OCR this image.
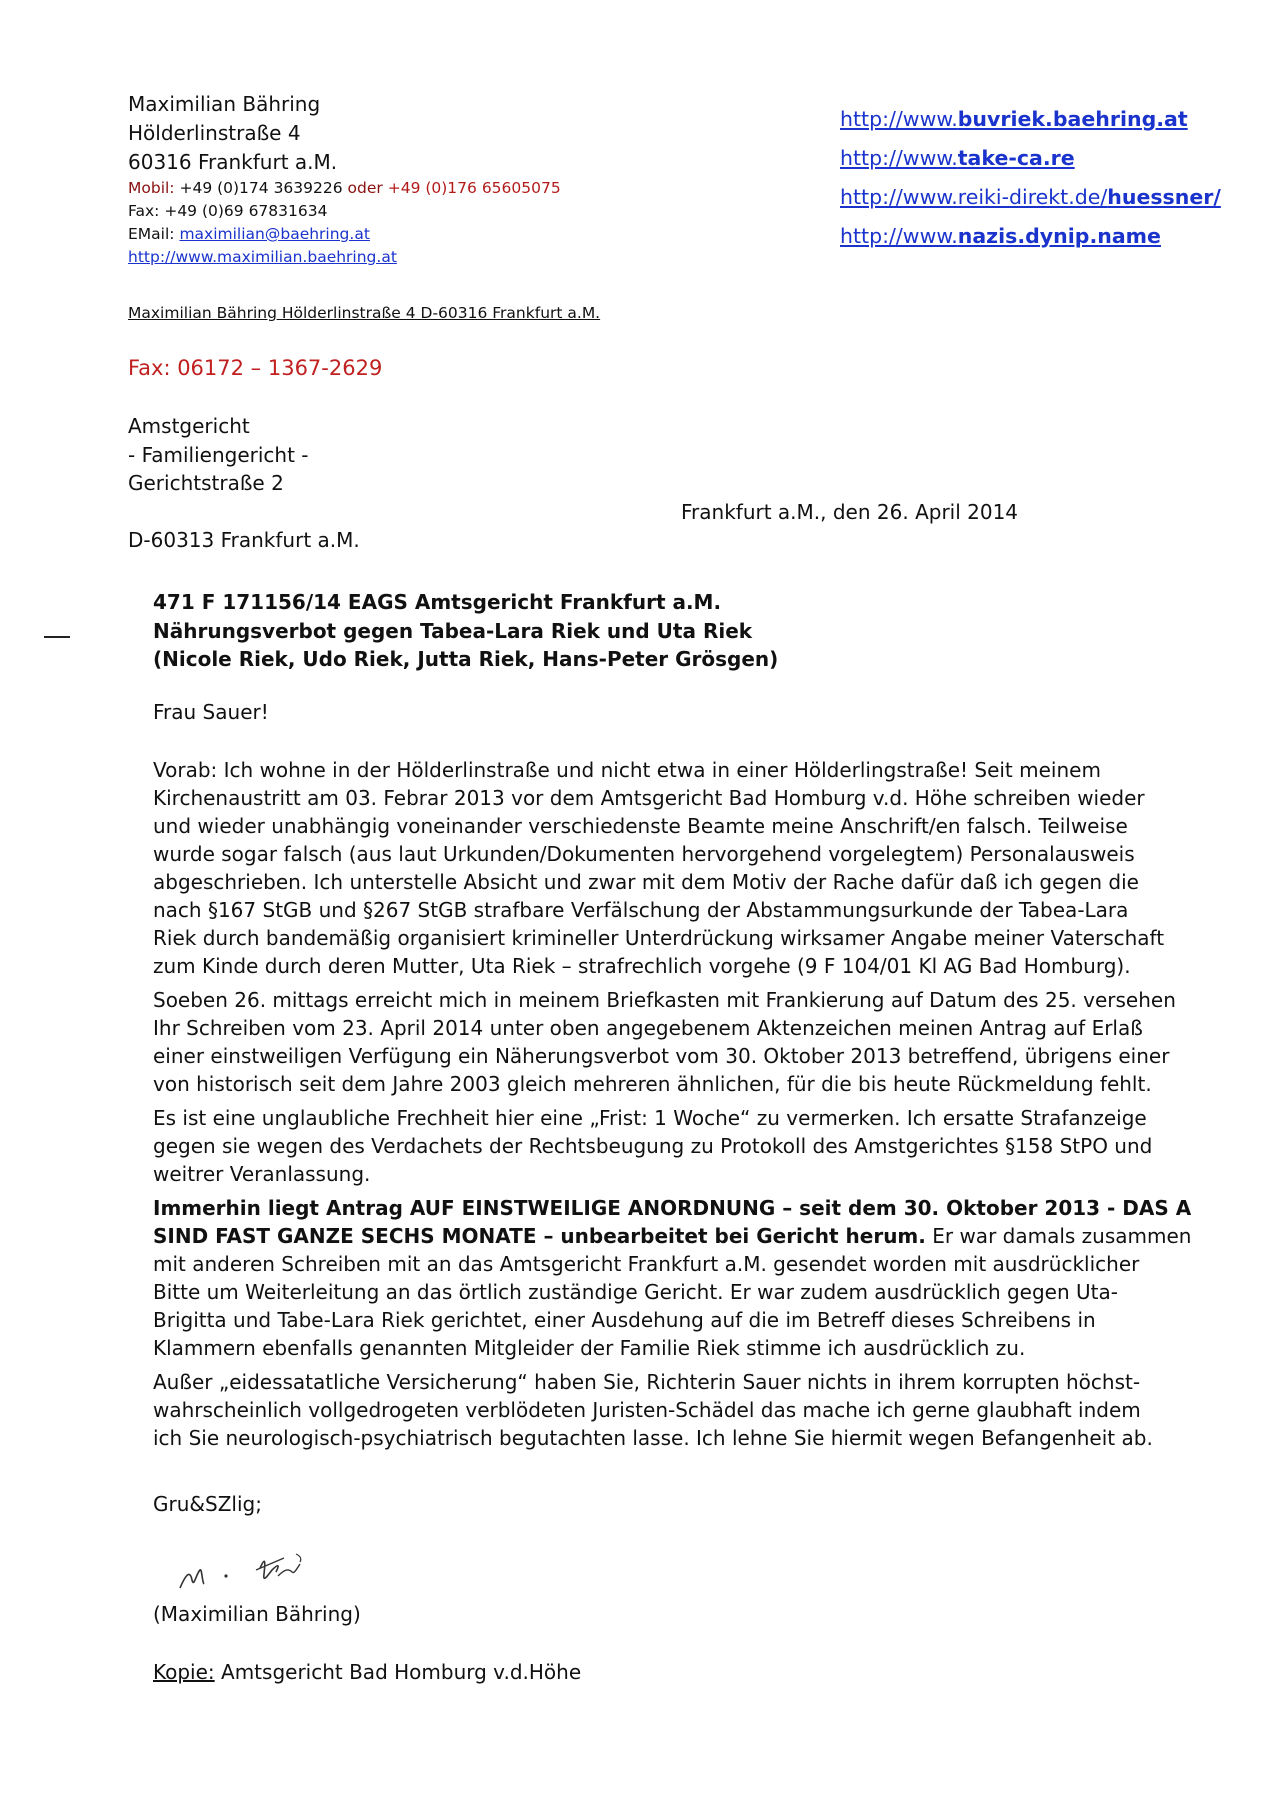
Maximilian Bähring
Hölderlinstraße 4
60316 Frankfurt a.M.
Mobil: +49 (0)174 3639226 oder +49 (0)176 65605075
Fax: +49 (0)69 67831634
EMail: maximilian@baehring.at
http://www.maximilian.baehring.at
http://www.buvriek.baehring.at
http://www.take-ca.re
http://www.reiki-direkt.de/huessner/
http://www.nazis.dynip.name
Maximilian Bähring Hölderlinstraße 4 D-60316 Frankfurt a.M.
Fax: 06172 – 1367-2629
Amstgericht
- Familiengericht -
Gerichtstraße 2
D-60313 Frankfurt a.M.
Frankfurt a.M., den 26. April 2014
471 F 171156/14 EAGS Amtsgericht Frankfurt a.M.
Nährungsverbot gegen Tabea-Lara Riek und Uta Riek
(Nicole Riek, Udo Riek, Jutta Riek, Hans-Peter Grösgen)
Frau Sauer!

Vorab: Ich wohne in der Hölderlinstraße und nicht etwa in einer Hölderlingstraße! Seit meinem
Kirchenaustritt am 03. Febrar 2013 vor dem Amtsgericht Bad Homburg v.d. Höhe schreiben wieder
und wieder unabhängig voneinander verschiedenste Beamte meine Anschrift/en falsch. Teilweise
wurde sogar falsch (aus laut Urkunden/Dokumenten hervorgehend vorgelegtem) Personalausweis
abgeschrieben. Ich unterstelle Absicht und zwar mit dem Motiv der Rache dafür daß ich gegen die
nach §167 StGB und §267 StGB strafbare Verfälschung der Abstammungsurkunde der Tabea-Lara
Riek durch bandemäßig organisiert krimineller Unterdrückung wirksamer Angabe meiner Vaterschaft
zum Kinde durch deren Mutter, Uta Riek – strafrechlich vorgehe (9 F 104/01 Kl AG Bad Homburg).

Soeben 26. mittags erreicht mich in meinem Briefkasten mit Frankierung auf Datum des 25. versehen
Ihr Schreiben vom 23. April 2014 unter oben angegebenem Aktenzeichen meinen Antrag auf Erlaß
einer einstweiligen Verfügung ein Näherungsverbot vom 30. Oktober 2013 betreffend, übrigens einer
von historisch seit dem Jahre 2003 gleich mehreren ähnlichen, für die bis heute Rückmeldung fehlt.

Es ist eine unglaubliche Frechheit hier eine „Frist: 1 Woche“ zu vermerken. Ich ersatte Strafanzeige
gegen sie wegen des Verdachets der Rechtsbeugung zu Protokoll des Amstgerichtes §158 StPO und
weitrer Veranlassung.

Immerhin liegt Antrag AUF EINSTWEILIGE ANORDNUNG – seit dem 30. Oktober 2013 - DAS A
SIND FAST GANZE SECHS MONATE – unbearbeitet bei Gericht herum. Er war damals zusammen
mit anderen Schreiben mit an das Amtsgericht Frankfurt a.M. gesendet worden mit ausdrücklicher
Bitte um Weiterleitung an das örtlich zuständige Gericht. Er war zudem ausdrücklich gegen Uta-
Brigitta und Tabe-Lara Riek gerichtet, einer Ausdehung auf die im Betreff dieses Schreibens in
Klammern ebenfalls genannten Mitgleider der Familie Riek stimme ich ausdrücklich zu.

Außer „eidessatatliche Versicherung“ haben Sie, Richterin Sauer nichts in ihrem korrupten höchst-
wahrscheinlich vollgedrogeten verblödeten Juristen-Schädel das mache ich gerne glaubhaft indem
ich Sie neurologisch-psychiatrisch begutachten lasse. Ich lehne Sie hiermit wegen Befangenheit ab.

Gru&SZlig;
(Maximilian Bähring)
Kopie: Amtsgericht Bad Homburg v.d.Höhe
